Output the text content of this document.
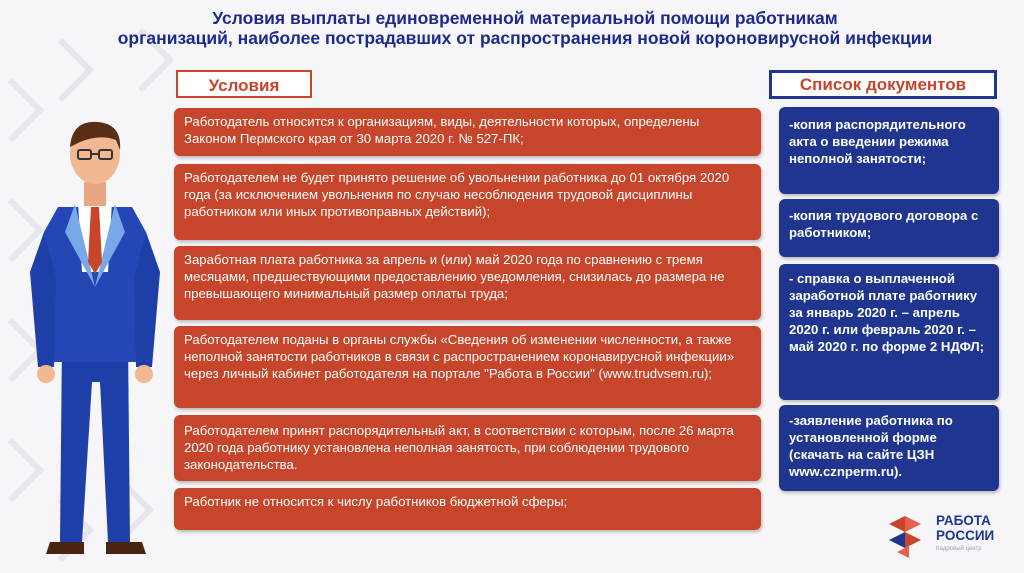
Условия выплаты единовременной материальной помощи работникам
организаций, наиболее пострадавших от распространения новой короновирусной инфекции
Условия	Список документов
Работодатель относится к организациям, виды, деятельности которых, определены Законом Пермского края от 30 марта 2020 г. № 527-ПК;
Работодателем не будет принято решение об увольнении работника до 01 октября 2020 года (за исключением увольнения по случаю несоблюдения трудовой дисциплины работником или иных противоправных действий);
Заработная плата работника за апрель и (или) май 2020 года по сравнению с тремя месяцами, предшествующими предоставлению уведомления, снизилась до размера не превышающего минимальный размер оплаты труда;
Работодателем поданы в органы службы «Сведения об изменении численности, а также неполной занятости работников в связи с распространением коронавирусной инфекции» через личный кабинет работодателя на портале "Работа в России" (www.trudvsem.ru);
Работодателем принят распорядительный акт, в соответствии с которым, после 26 марта 2020 года работнику установлена неполная занятость, при соблюдении трудового законодательства.
Работник не относится к числу работников бюджетной сферы;
-копия распорядительного акта о введении режима неполной занятости;
-копия трудового договора с работником;
- справка о выплаченной заработной плате работнику за январь 2020 г. – апрель 2020 г. или февраль 2020 г. – май 2020 г. по форме 2 НДФЛ;
-заявление работника по установленной форме (скачать на сайте ЦЗН www.cznperm.ru).
РАБОТА
РОССИИ
Кадровый центр
